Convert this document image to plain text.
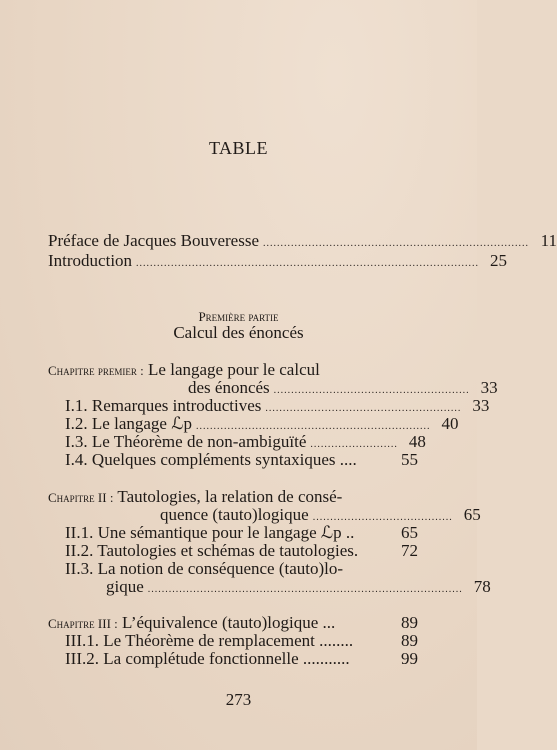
TABLE
Préface de Jacques Bouveresse ............................................................................ 11
Introduction .................................................................................................. 25
Première partie
Calcul des énoncés
Chapitre premier : Le langage pour le calcul
des énoncés ........................................................ 33
I.1. Remarques introductives ........................................................ 33
I.2. Le langage ℒp ................................................................... 40
I.3. Le Théorème de non-ambiguïté ......................... 48
I.4. Quelques compléments syntaxiques ....	55
Chapitre II : Tautologies, la relation de consé-
quence (tauto)logique ........................................ 65
II.1. Une sémantique pour le langage ℒp ..	65
II.2. Tautologies et schémas de tautologies.	72
II.3. La notion de conséquence (tauto)lo-
gique .......................................................................................... 78
Chapitre III : L’équivalence (tauto)logique ...	89
III.1. Le Théorème de remplacement ........	89
III.2. La complétude fonctionnelle ...........	99
273
